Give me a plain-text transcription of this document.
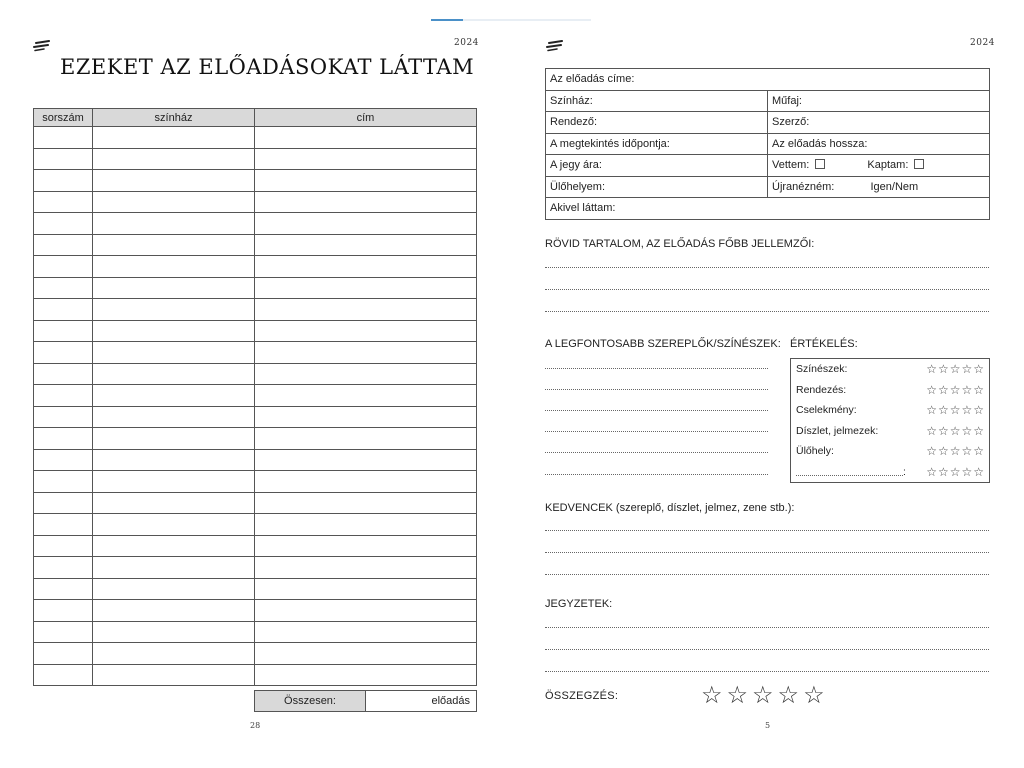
2024
EZEKET AZ ELŐADÁSOKAT LÁTTAM
sorszám	színház	cím

Összesen:	előadás
28
2024
Az előadás címe:	
Színház:	Műfaj:
Rendező:	Szerző:
A megtekintés időpontja:	Az előadás hossza:
A jegy ára:	Vettem: Kaptam:
Ülőhelyem:	Újranézném: Igen/Nem
Akivel láttam:	
RÖVID TARTALOM, AZ ELŐADÁS FŐBB JELLEMZŐI:
A LEGFONTOSABB SZEREPLŐK/SZÍNÉSZEK: ÉRTÉKELÉS:
Színészek:	☆☆☆☆☆
Rendezés:	☆☆☆☆☆
Cselekmény:	☆☆☆☆☆
Díszlet, jelmezek:	☆☆☆☆☆
Ülőhely:	☆☆☆☆☆
: ☆☆☆☆☆
KEDVENCEK (szereplő, díszlet, jelmez, zene stb.):
JEGYZETEK:
ÖSSZEGZÉS:	☆☆☆☆☆
5
